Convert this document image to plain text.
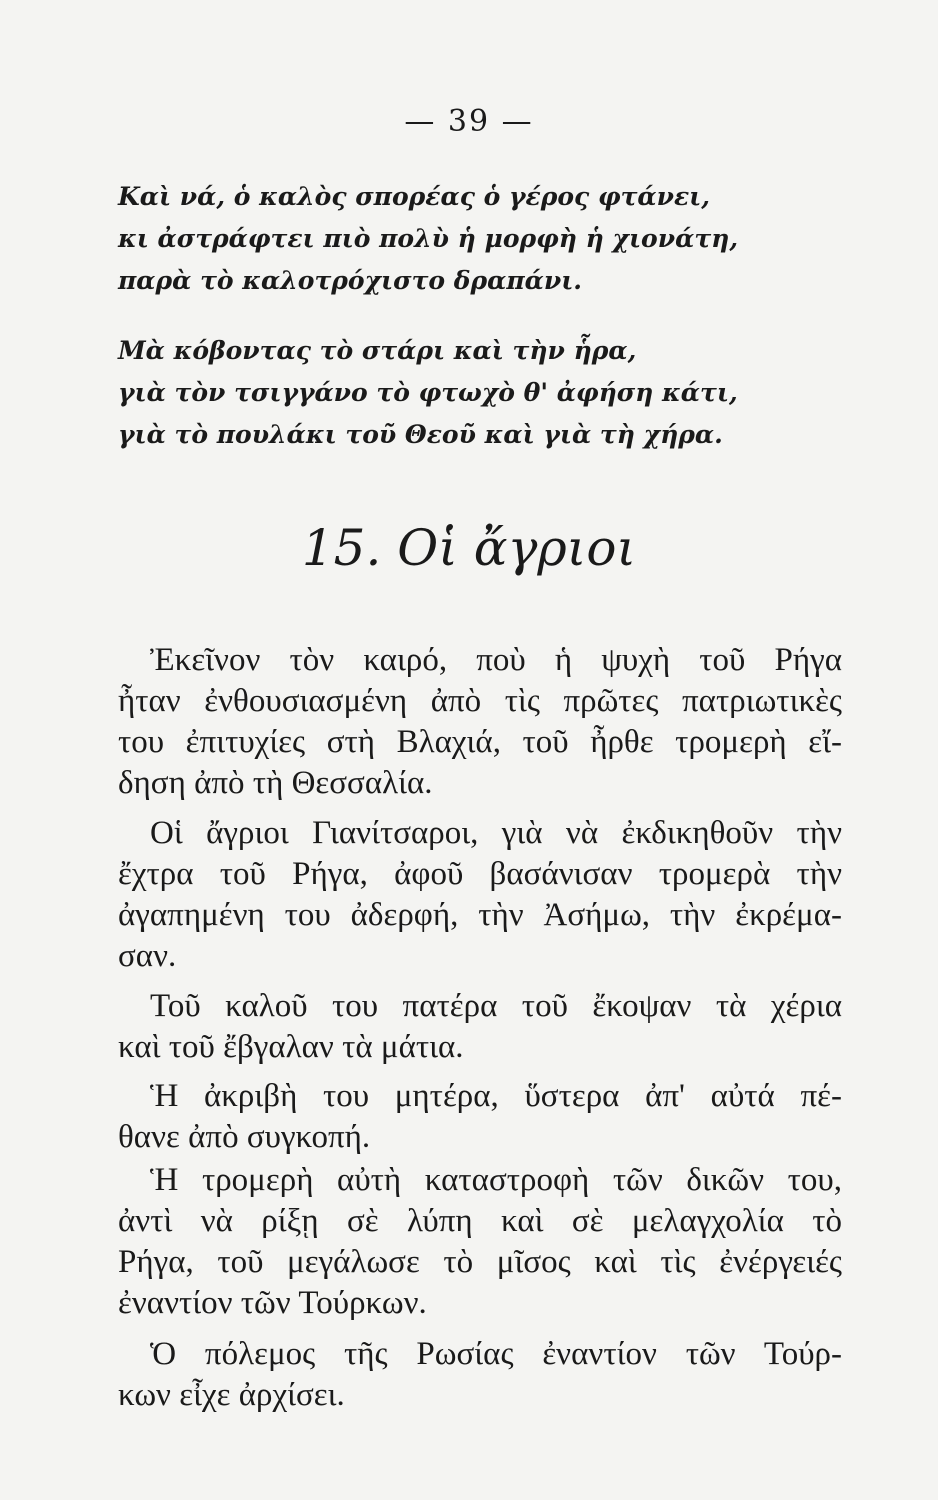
— 39 —
Καὶ νά, ὁ καλὸς σπορέας ὁ γέρος φτάνει,
κι ἀστράφτει πιὸ πολὺ ἡ μορφὴ ἡ χιονάτη,
παρὰ τὸ καλοτρόχιστο δραπάνι.
Μὰ κόβοντας τὸ στάρι καὶ τὴν ἧρα,
γιὰ τὸν τσιγγάνο τὸ φτωχὸ θ' ἀφήση κάτι,
γιὰ τὸ πουλάκι τοῦ Θεοῦ καὶ γιὰ τὴ χήρα.
15. Οἱ ἄγριοι
Ἐκεῖνον τὸν καιρό, ποὺ ἡ ψυχὴ τοῦ Ρήγα
ἦταν ἐνθουσιασμένη ἀπὸ τὶς πρῶτες πατριωτικὲς
του ἐπιτυχίες στὴ Βλαχιά, τοῦ ἦρθε τρομερὴ εἴ-
δηση ἀπὸ τὴ Θεσσαλία.
Οἱ ἄγριοι Γιανίτσαροι, γιὰ νὰ ἐκδικηθοῦν τὴν
ἔχτρα τοῦ Ρήγα, ἀφοῦ βασάνισαν τρομερὰ τὴν
ἀγαπημένη του ἀδερφή, τὴν Ἀσήμω, τὴν ἐκρέμα-
σαν.
Τοῦ καλοῦ του πατέρα τοῦ ἔκοψαν τὰ χέρια
καὶ τοῦ ἔβγαλαν τὰ μάτια.
Ἡ ἀκριβὴ του μητέρα, ὕστερα ἀπ' αὐτά πέ-
θανε ἀπὸ συγκοπή.
Ἡ τρομερὴ αὐτὴ καταστροφὴ τῶν δικῶν του,
ἀντὶ νὰ ρίξῃ σὲ λύπη καὶ σὲ μελαγχολία τὸ
Ρήγα, τοῦ μεγάλωσε τὸ μῖσος καὶ τὶς ἐνέργειές
ἐναντίον τῶν Τούρκων.
Ὁ πόλεμος τῆς Ρωσίας ἐναντίον τῶν Τούρ-
κων εἶχε ἀρχίσει.
